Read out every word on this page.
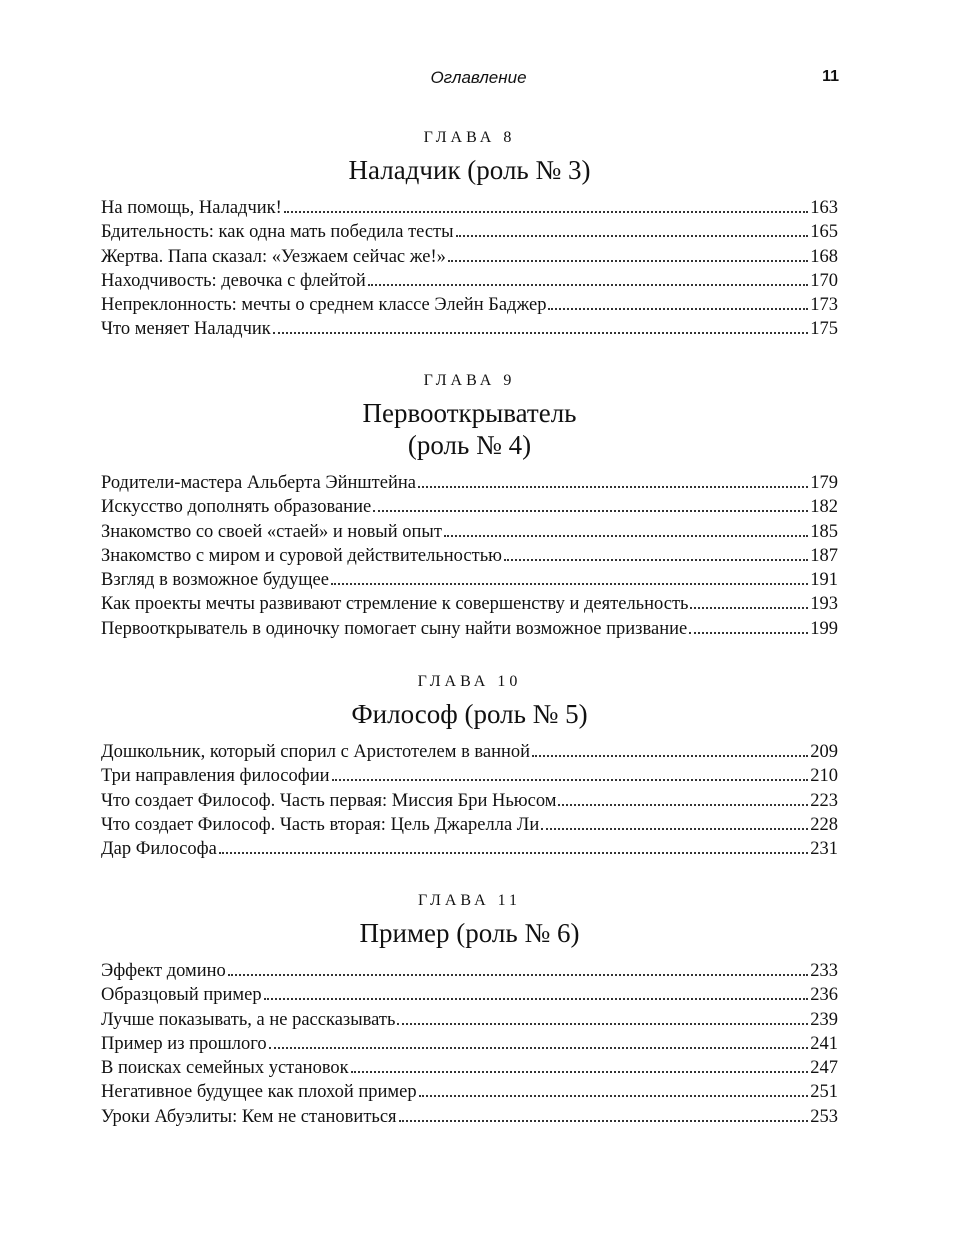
Оглавление	11
ГЛАВА 8
Наладчик (роль № 3)
На помощь, Наладчик!	163
Бдительность: как одна мать победила тесты	165
Жертва. Папа сказал: «Уезжаем сейчас же!»	168
Находчивость: девочка с флейтой	170
Непреклонность: мечты о среднем классе Элейн Баджер	173
Что меняет Наладчик	175
ГЛАВА 9
Первооткрыватель
(роль № 4)
Родители-мастера Альберта Эйнштейна	179
Искусство дополнять образование	182
Знакомство со своей «стаей» и новый опыт	185
Знакомство с миром и суровой действительностью	187
Взгляд в возможное будущее	191
Как проекты мечты развивают стремление к совершенству и деятельность	193
Первооткрыватель в одиночку помогает сыну найти возможное призвание	199
ГЛАВА 10
Философ (роль № 5)
Дошкольник, который спорил с Аристотелем в ванной	209
Три направления философии	210
Что создает Философ. Часть первая: Миссия Бри Ньюсом	223
Что создает Философ. Часть вторая: Цель Джарелла Ли	228
Дар Философа	231
ГЛАВА 11
Пример (роль № 6)
Эффект домино	233
Образцовый пример	236
Лучше показывать, а не рассказывать	239
Пример из прошлого	241
В поисках семейных установок	247
Негативное будущее как плохой пример	251
Уроки Абуэлиты: Кем не становиться	253
